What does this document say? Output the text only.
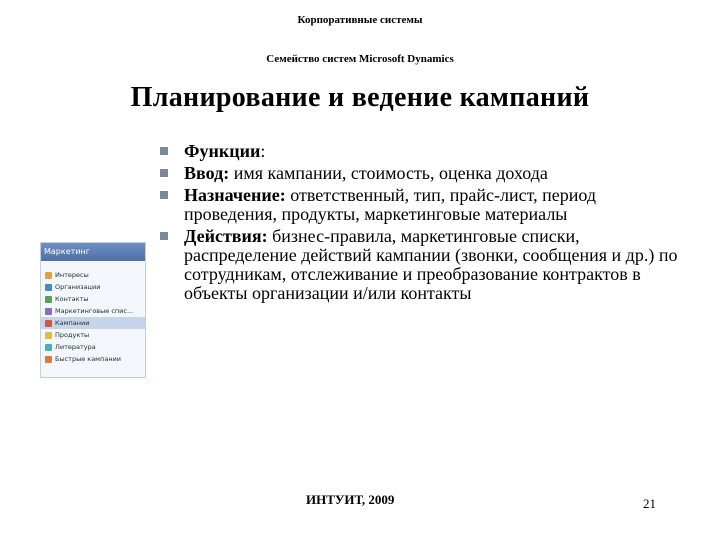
Корпоративные системы
Семейство систем Microsoft Dynamics
Планирование и ведение кампаний
Функции:
Ввод: имя кампании, стоимость, оценка дохода
Назначение: ответственный, тип, прайс-лист, период проведения, продукты, маркетинговые материалы
Действия: бизнес-правила, маркетинговые списки, распределение действий кампании (звонки, сообщения и др.) по сотрудникам, отслеживание и преобразование контрактов в объекты организации и/или контакты
Маркетинг
Интересы
Организации
Контакты
Маркетинговые спис...
Кампании
Продукты
Литература
Быстрые кампании
ИНТУИТ, 2009	21
